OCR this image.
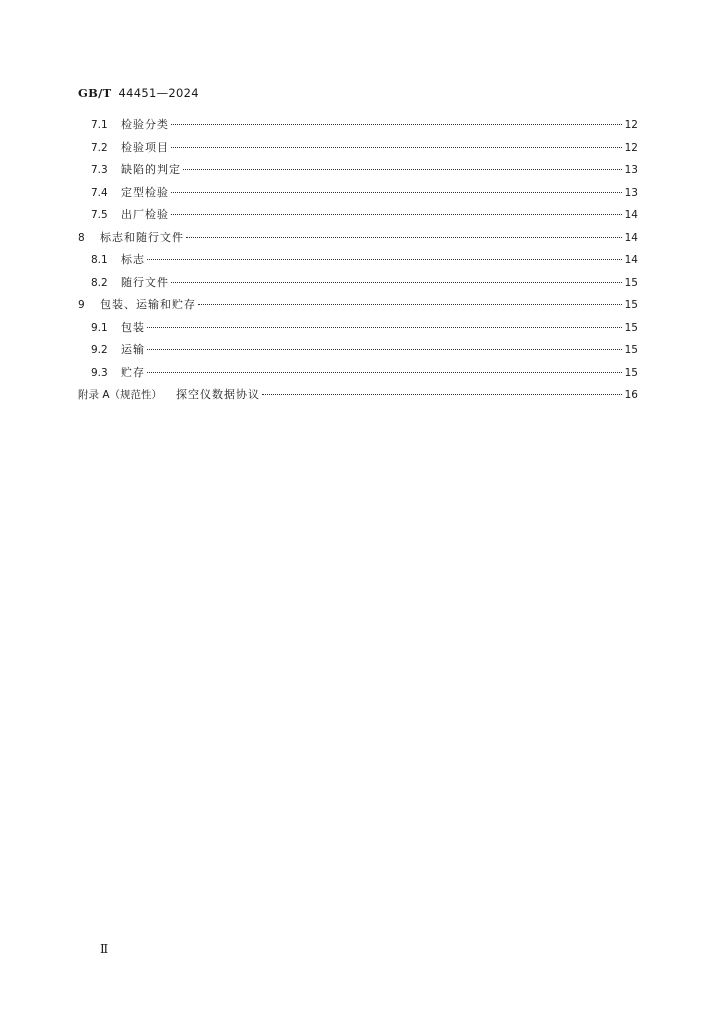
GB/T 44451—2024
7.1	检验分类	12
7.2	检验项目	12
7.3	缺陷的判定	13
7.4	定型检验	13
7.5	出厂检验	14
8	标志和随行文件	14
8.1	标志	14
8.2	随行文件	15
9	包装、运输和贮存	15
9.1	包装	15
9.2	运输	15
9.3	贮存	15
附录 A（规范性） 探空仪数据协议	16
Ⅱ
